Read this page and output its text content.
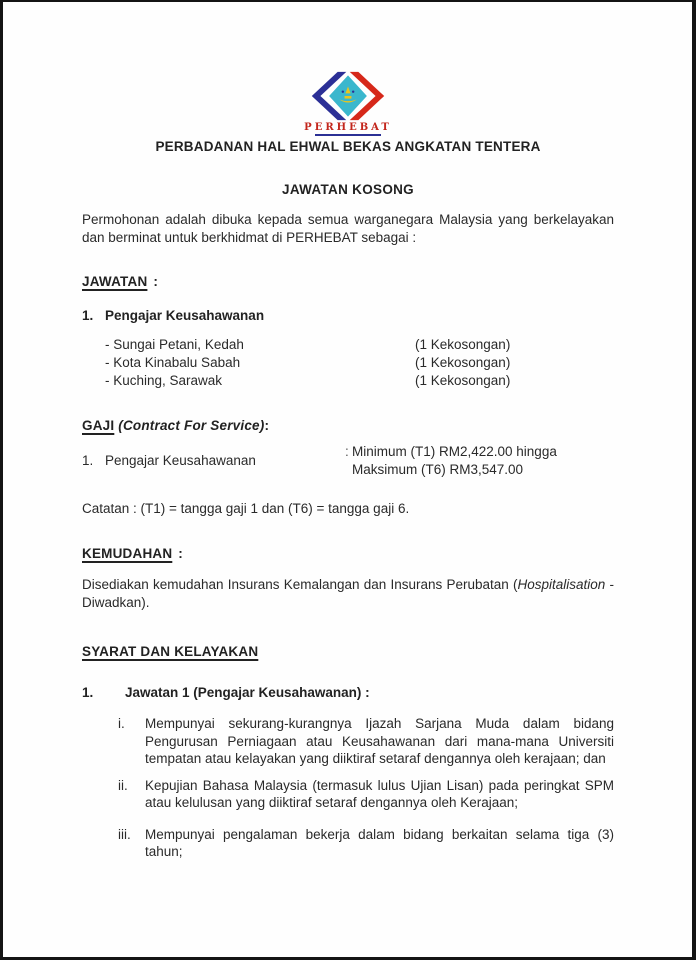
PERHEBAT
PERBADANAN HAL EHWAL BEKAS ANGKATAN TENTERA
JAWATAN KOSONG
Permohonan adalah dibuka kepada semua warganegara Malaysia yang berkelayakan dan berminat untuk berkhidmat di PERHEBAT sebagai :
JAWATAN :
1. Pengajar Keusahawanan
- Sungai Petani, Kedah	(1 Kekosongan)
- Kota Kinabalu Sabah	(1 Kekosongan)
- Kuching, Sarawak	(1 Kekosongan)
GAJI (Contract For Service):
1. Pengajar Keusahawanan
: Minimum (T1) RM2,422.00 hingga
Maksimum (T6) RM3,547.00
Catatan : (T1) = tangga gaji 1 dan (T6) = tangga gaji 6.
KEMUDAHAN :
Disediakan kemudahan Insurans Kemalangan dan Insurans Perubatan (Hospitalisation - Diwadkan).
SYARAT DAN KELAYAKAN
1.	Jawatan 1 (Pengajar Keusahawanan) :
i.	Mempunyai sekurang-kurangnya Ijazah Sarjana Muda dalam bidang Pengurusan Perniagaan atau Keusahawanan dari mana-mana Universiti tempatan atau kelayakan yang diiktiraf setaraf dengannya oleh kerajaan; dan
ii.	Kepujian Bahasa Malaysia (termasuk lulus Ujian Lisan) pada peringkat SPM atau kelulusan yang diiktiraf setaraf dengannya oleh Kerajaan;
iii.	Mempunyai pengalaman bekerja dalam bidang berkaitan selama tiga (3) tahun;
